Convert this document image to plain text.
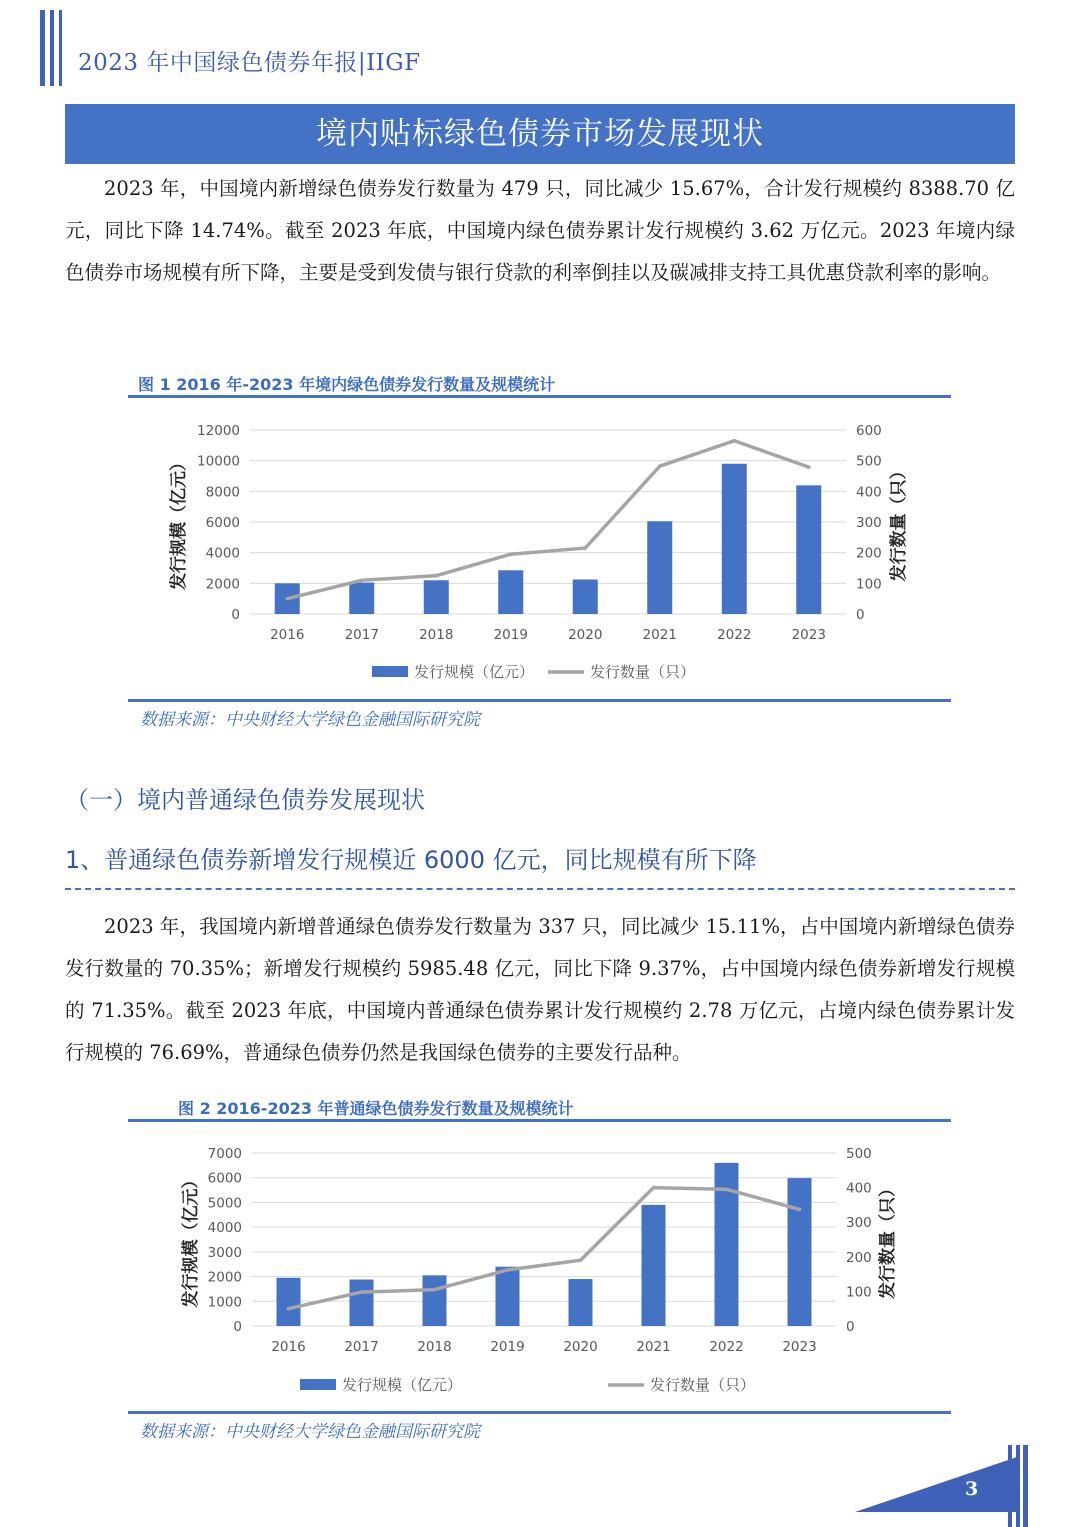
2023 年中国绿色债券年报|IIGF
境内贴标绿色债券市场发展现状

2023 年，中国境内新增绿色债券发行数量为 479 只，同比减少 15.67%，合计发行规模约 8388.70 亿元，同比下降 14.74%。截至 2023 年底，中国境内绿色债券累计发行规模约 3.62 万亿元。2023 年境内绿色债券市场规模有所下降，主要是受到发债与银行贷款的利率倒挂以及碳减排支持工具优惠贷款利率的影响。

图 1 2016 年-2023 年境内绿色债券发行数量及规模统计
0
2000
4000
6000
8000
10000
12000
0
100
200
300
400
500
600
2016	2017	2018	2019	2020	2021	2022	2023
发行规模（亿元）	发行数量（只）
发行规模（亿元）	发行数量（只）
数据来源：中央财经大学绿色金融国际研究院
（一）境内普通绿色债券发展现状
1、普通绿色债券新增发行规模近 6000 亿元，同比规模有所下降

2023 年，我国境内新增普通绿色债券发行数量为 337 只，同比减少 15.11%，占中国境内新增绿色债券发行数量的 70.35%；新增发行规模约 5985.48 亿元，同比下降 9.37%，占中国境内绿色债券新增发行规模的 71.35%。截至 2023 年底，中国境内普通绿色债券累计发行规模约 2.78 万亿元，占境内绿色债券累计发行规模的 76.69%，普通绿色债券仍然是我国绿色债券的主要发行品种。

图 2 2016-2023 年普通绿色债券发行数量及规模统计
0
1000
2000
3000
4000
5000
6000
7000
0
100
200
300
400
500
2016	2017	2018	2019	2020	2021	2022	2023
发行规模（亿元）	发行数量（只）
发行规模（亿元）	发行数量（只）
数据来源：中央财经大学绿色金融国际研究院
3
